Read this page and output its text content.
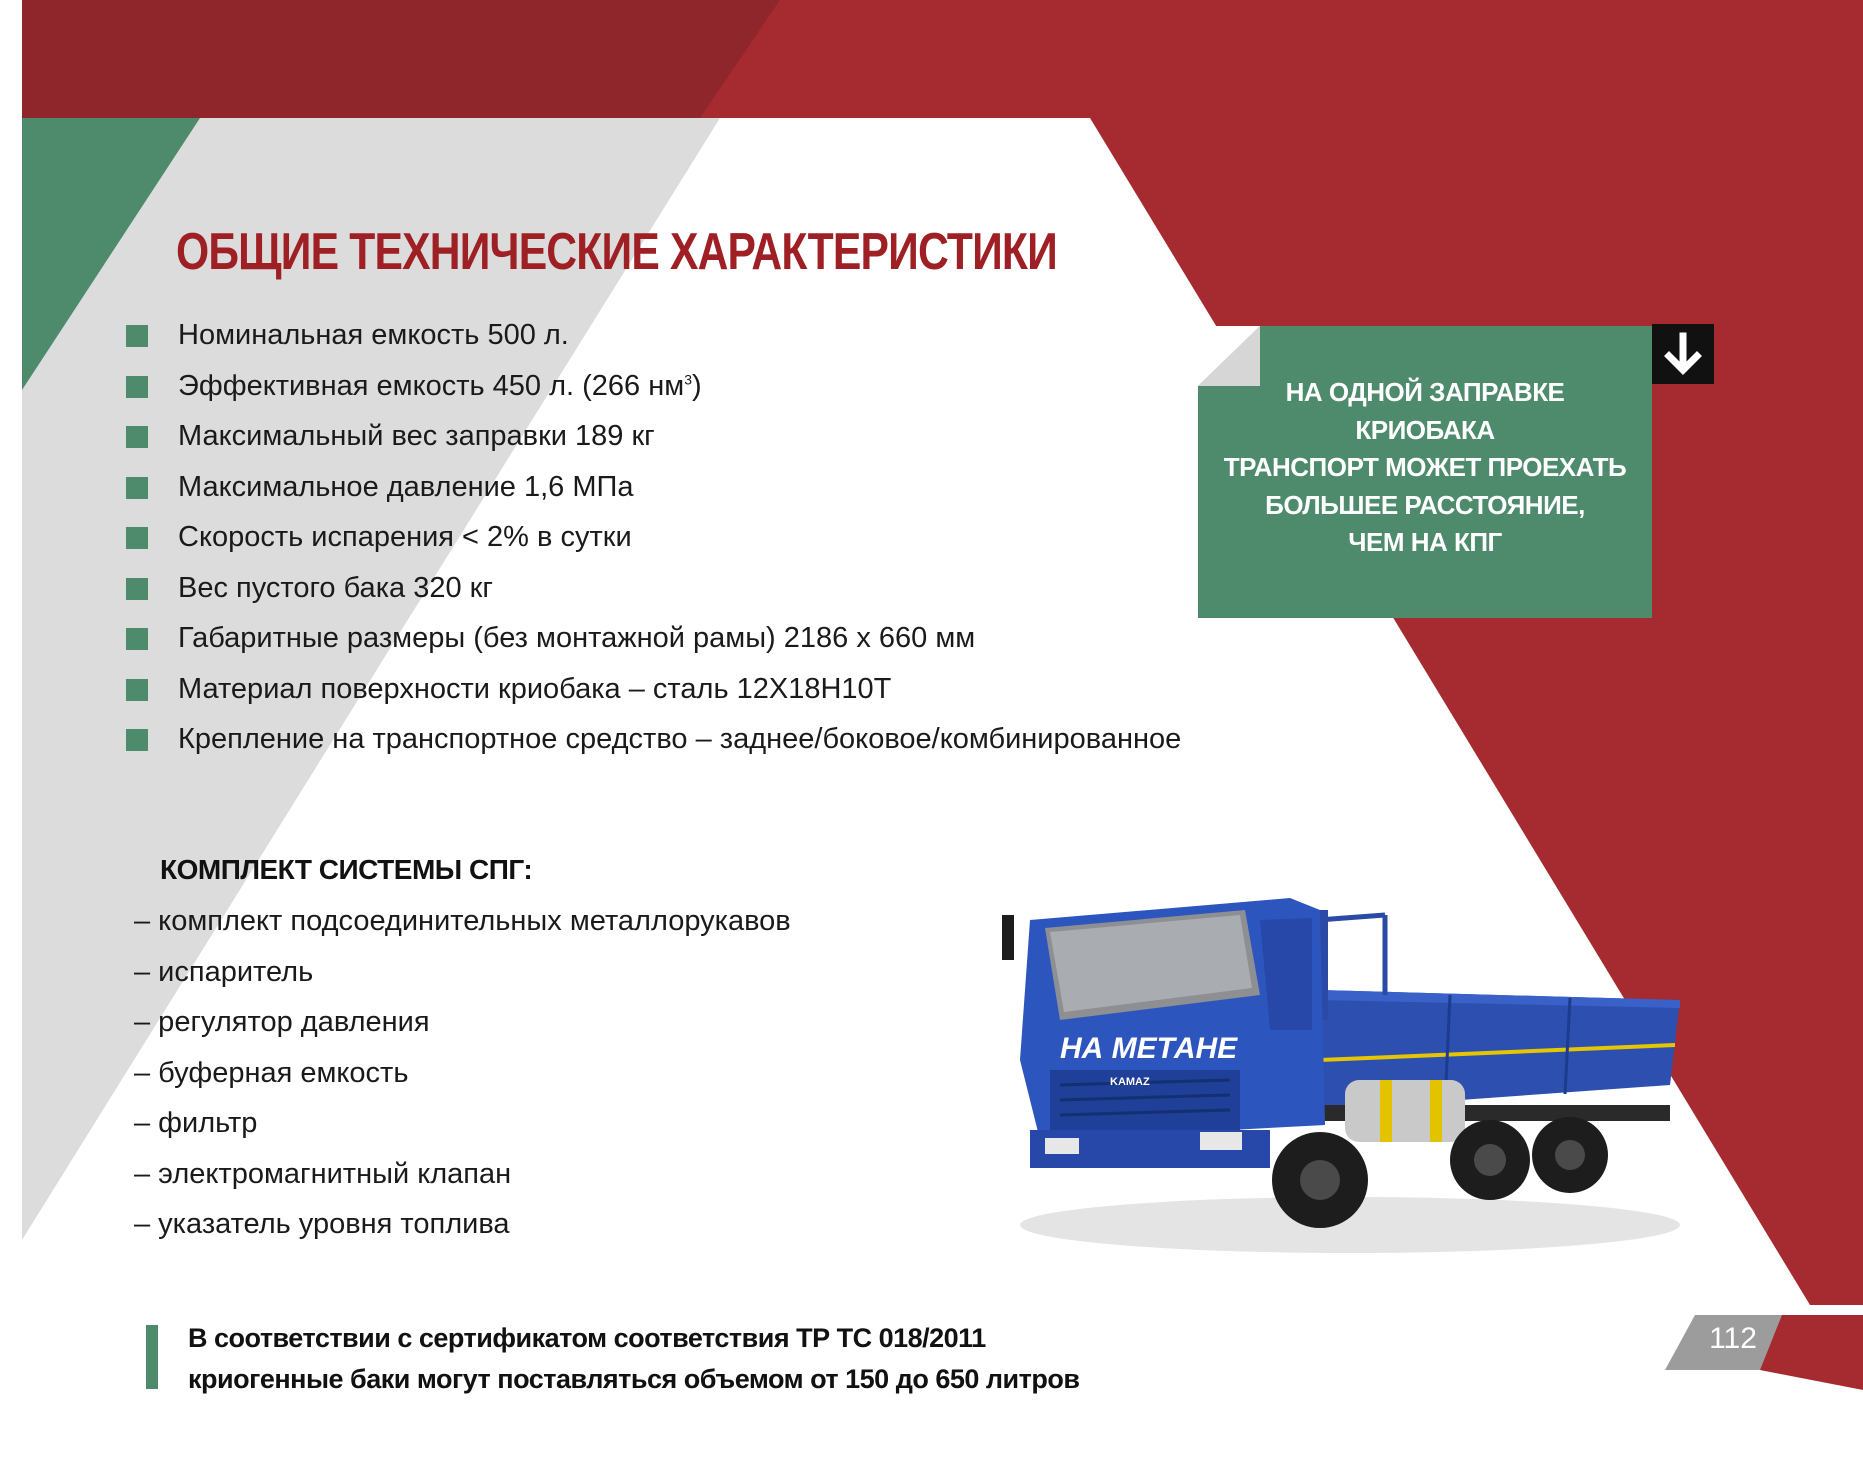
ОБЩИЕ ТЕХНИЧЕСКИЕ ХАРАКТЕРИСТИКИ
Номинальная емкость 500 л.
Эффективная емкость 450 л. (266 $нм^3$)
Максимальный вес заправки 189 кг
Максимальное давление 1,6 МПа
Скорость испарения < 2% в сутки
Вес пустого бака 320 кг
Габаритные размеры (без монтажной рамы) 2186 х 660 мм
Материал поверхности криобака – сталь 12Х18Н10Т
Крепление на транспортное средство – заднее/боковое/комбинированное
НА ОДНОЙ ЗАПРАВКЕ
КРИОБАКА
ТРАНСПОРТ МОЖЕТ ПРОЕХАТЬ
БОЛЬШЕЕ РАССТОЯНИЕ,
ЧЕМ НА КПГ
КОМПЛЕКТ СИСТЕМЫ СПГ:
– комплект подсоединительных металлорукавов
– испаритель
– регулятор давления
– буферная емкость
– фильтр
– электромагнитный клапан
– указатель уровня топлива
НА МЕТАНЕ
KAMAZ
В соответствии с сертификатом соответствия ТР ТС 018/2011
криогенные баки могут поставляться объемом от 150 до 650 литров
112
